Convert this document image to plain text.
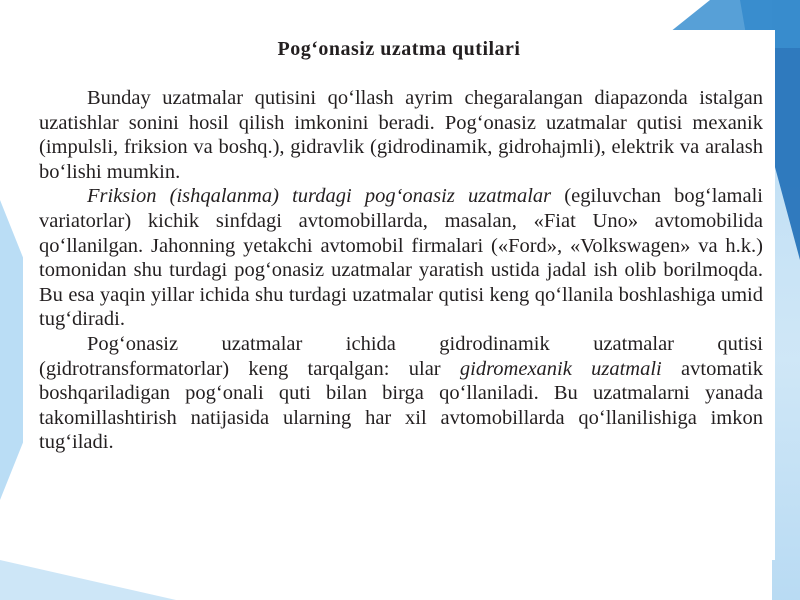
Pog‘onasiz uzatma qutilari

Bunday uzatmalar qutisini qo‘llash ayrim chegaralangan diapazonda istalgan uzatishlar sonini hosil qilish imkonini beradi. Pog‘onasiz uzatmalar qutisi mexanik (impulsli, friksion va boshq.), gidravlik (gidrodinamik, gidrohajmli), elektrik va aralash bo‘lishi mumkin.

Friksion (ishqalanma) turdagi pog‘onasiz uzatmalar (egiluvchan bog‘lamali variatorlar) kichik sinfdagi avtomobillarda, masalan, «Fiat Uno» avtomobilida qo‘llanilgan. Jahonning yetakchi avtomobil firmalari («Ford», «Volkswagen» va h.k.) tomonidan shu turdagi pog‘onasiz uzatmalar yaratish ustida jadal ish olib borilmoqda. Bu esa yaqin yillar ichida shu turdagi uzatmalar qutisi keng qo‘llanila boshlashiga umid tug‘diradi.

Pog‘onasiz uzatmalar ichida gidrodinamik uzatmalar qutisi (gidrotransformatorlar) keng tarqalgan: ular gidromexanik uzatmali avtomatik boshqariladigan pog‘onali quti bilan birga qo‘llaniladi. Bu uzatmalarni yanada takomillashtirish natijasida ularning har xil avtomobillarda qo‘llanilishiga imkon tug‘iladi.
